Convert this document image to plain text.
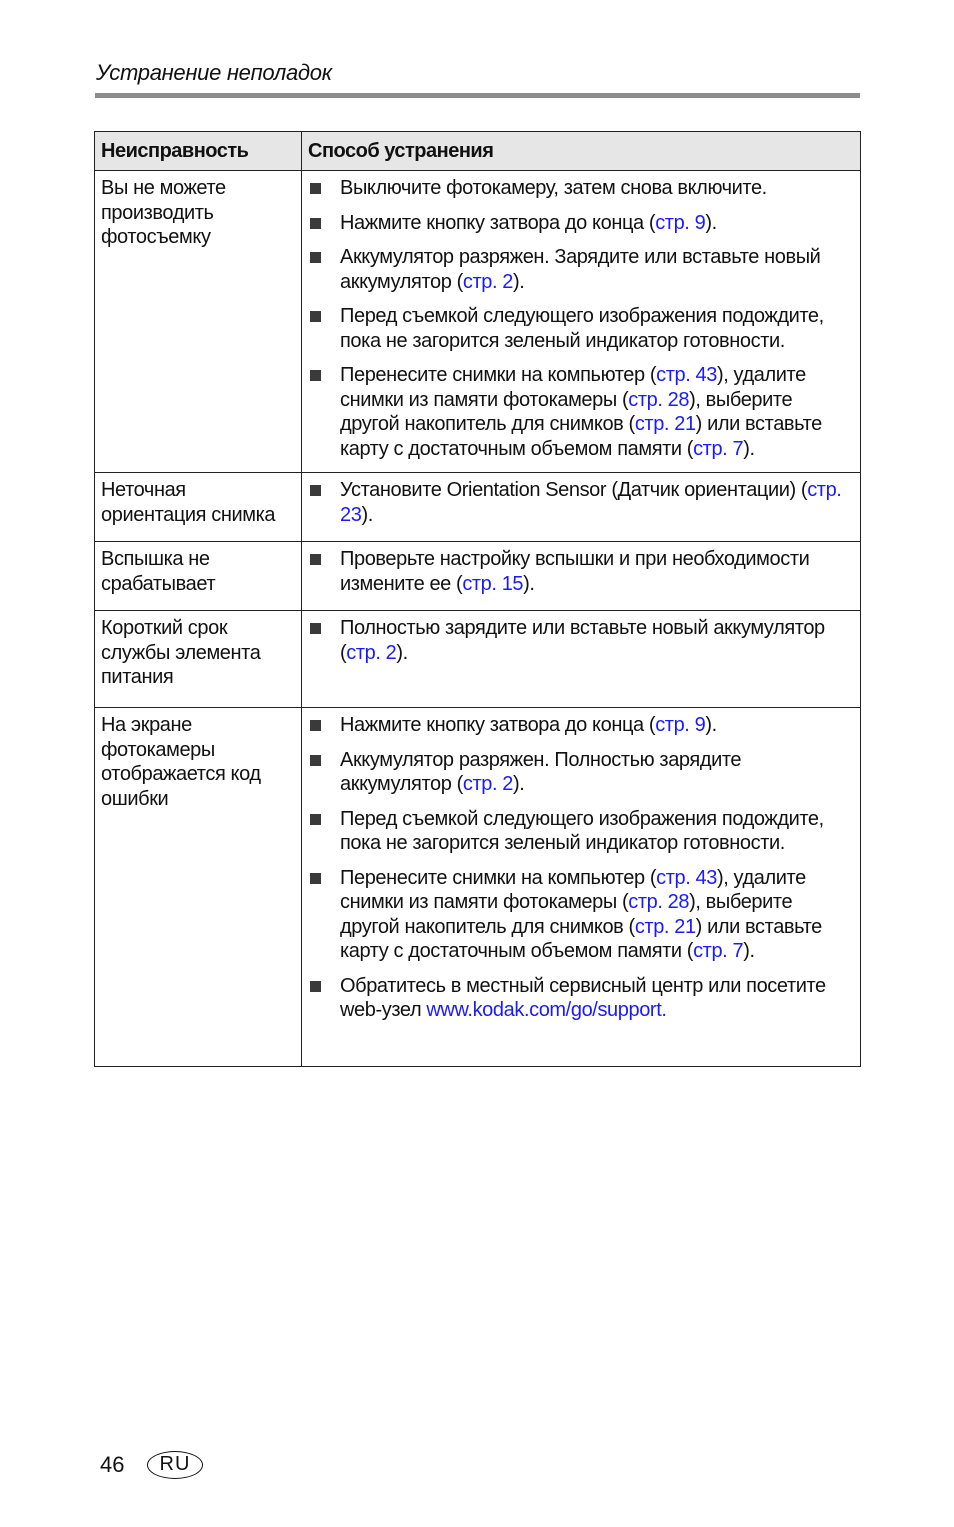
Устранение неполадок
Неисправность	Способ устранения
Вы не можете производить фотосъемку	Выключите фотокамеру, затем снова включите.
Нажмите кнопку затвора до конца (стр. 9).
Аккумулятор разряжен. Зарядите или вставьте новый аккумулятор (стр. 2).
Перед съемкой следующего изображения подождите, пока не загорится зеленый индикатор готовности.
Перенесите снимки на компьютер (стр. 43), удалите снимки из памяти фотокамеры (стр. 28), выберите другой накопитель для снимков (стр. 21) или вставьте карту с достаточным объемом памяти (стр. 7).

Неточная ориентация снимка	Установите Orientation Sensor (Датчик ориентации) (стр. 23).

Вспышка не срабатывает	Проверьте настройку вспышки и при необходимости измените ее (стр. 15).

Короткий срок службы элемента питания	Полностью зарядите или вставьте новый аккумулятор (стр. 2).

На экране фотокамеры отображается код ошибки	Нажмите кнопку затвора до конца (стр. 9).
Аккумулятор разряжен. Полностью зарядите аккумулятор (стр. 2).
Перед съемкой следующего изображения подождите, пока не загорится зеленый индикатор готовности.
Перенесите снимки на компьютер (стр. 43), удалите снимки из памяти фотокамеры (стр. 28), выберите другой накопитель для снимков (стр. 21) или вставьте карту с достаточным объемом памяти (стр. 7).
Обратитесь в местный сервисный центр или посетите web-узел www.kodak.com/go/support.
46	RU
